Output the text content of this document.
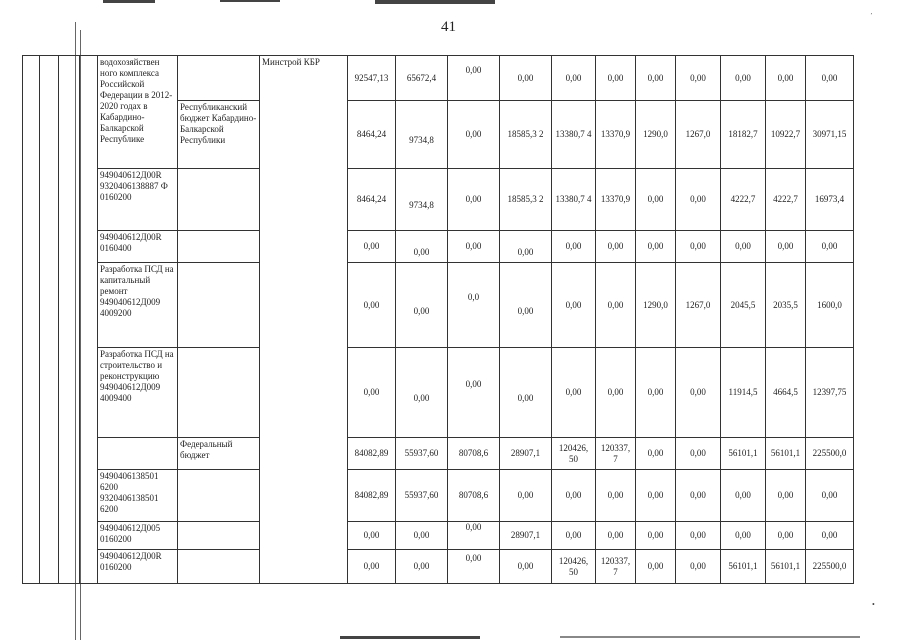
41
᾿
•
				водохозяйствен ного комплекса Российской Федерации в 2012-2020 годах в Кабардино-Балкарской Республике		Минстрой КБР	92547,13	65672,4	0,00	0,00	0,00	0,00	0,00	0,00	0,00	0,00	0,00
					Республиканский бюджет Кабардино-Балкарской Республики		8464,24	9734,8	0,00	18585,3 2	13380,7 4	13370,9	1290,0	1267,0	18182,7	10922,7	30971,15
				949040612Д00R 93204061З8887 Ф 0160200			8464,24	9734,8	0,00	18585,3 2	13380,7 4	13370,9	0,00	0,00	4222,7	4222,7	16973,4
				949040612Д00R 0160400			0,00	0,00	0,00	0,00	0,00	0,00	0,00	0,00	0,00	0,00	0,00
				Разработка ПСД на капитальный ремонт 949040612Д009 4009200			0,00	0,00	0,0	0,00	0,00	0,00	1290,0	1267,0	2045,5	2035,5	1600,0
				Разработка ПСД на строительство и реконструкцию 949040612Д009 4009400			0,00	0,00	0,00	0,00	0,00	0,00	0,00	0,00	11914,5	4664,5	12397,75
					Федеральный бюджет		84082,89	55937,60	80708,6	28907,1	120426, 50	120337, 7	0,00	0,00	56101,1	56101,1	225500,0
				9490406138501 6200 9320406138501 6200			84082,89	55937,60	80708,6	0,00	0,00	0,00	0,00	0,00	0,00	0,00	0,00
				949040612Д005 0160200			0,00	0,00	0,00	28907,1	0,00	0,00	0,00	0,00	0,00	0,00	0,00
				949040612Д00R 0160200			0,00	0,00	0,00	0,00	120426, 50	120337, 7	0,00	0,00	56101,1	56101,1	225500,0
